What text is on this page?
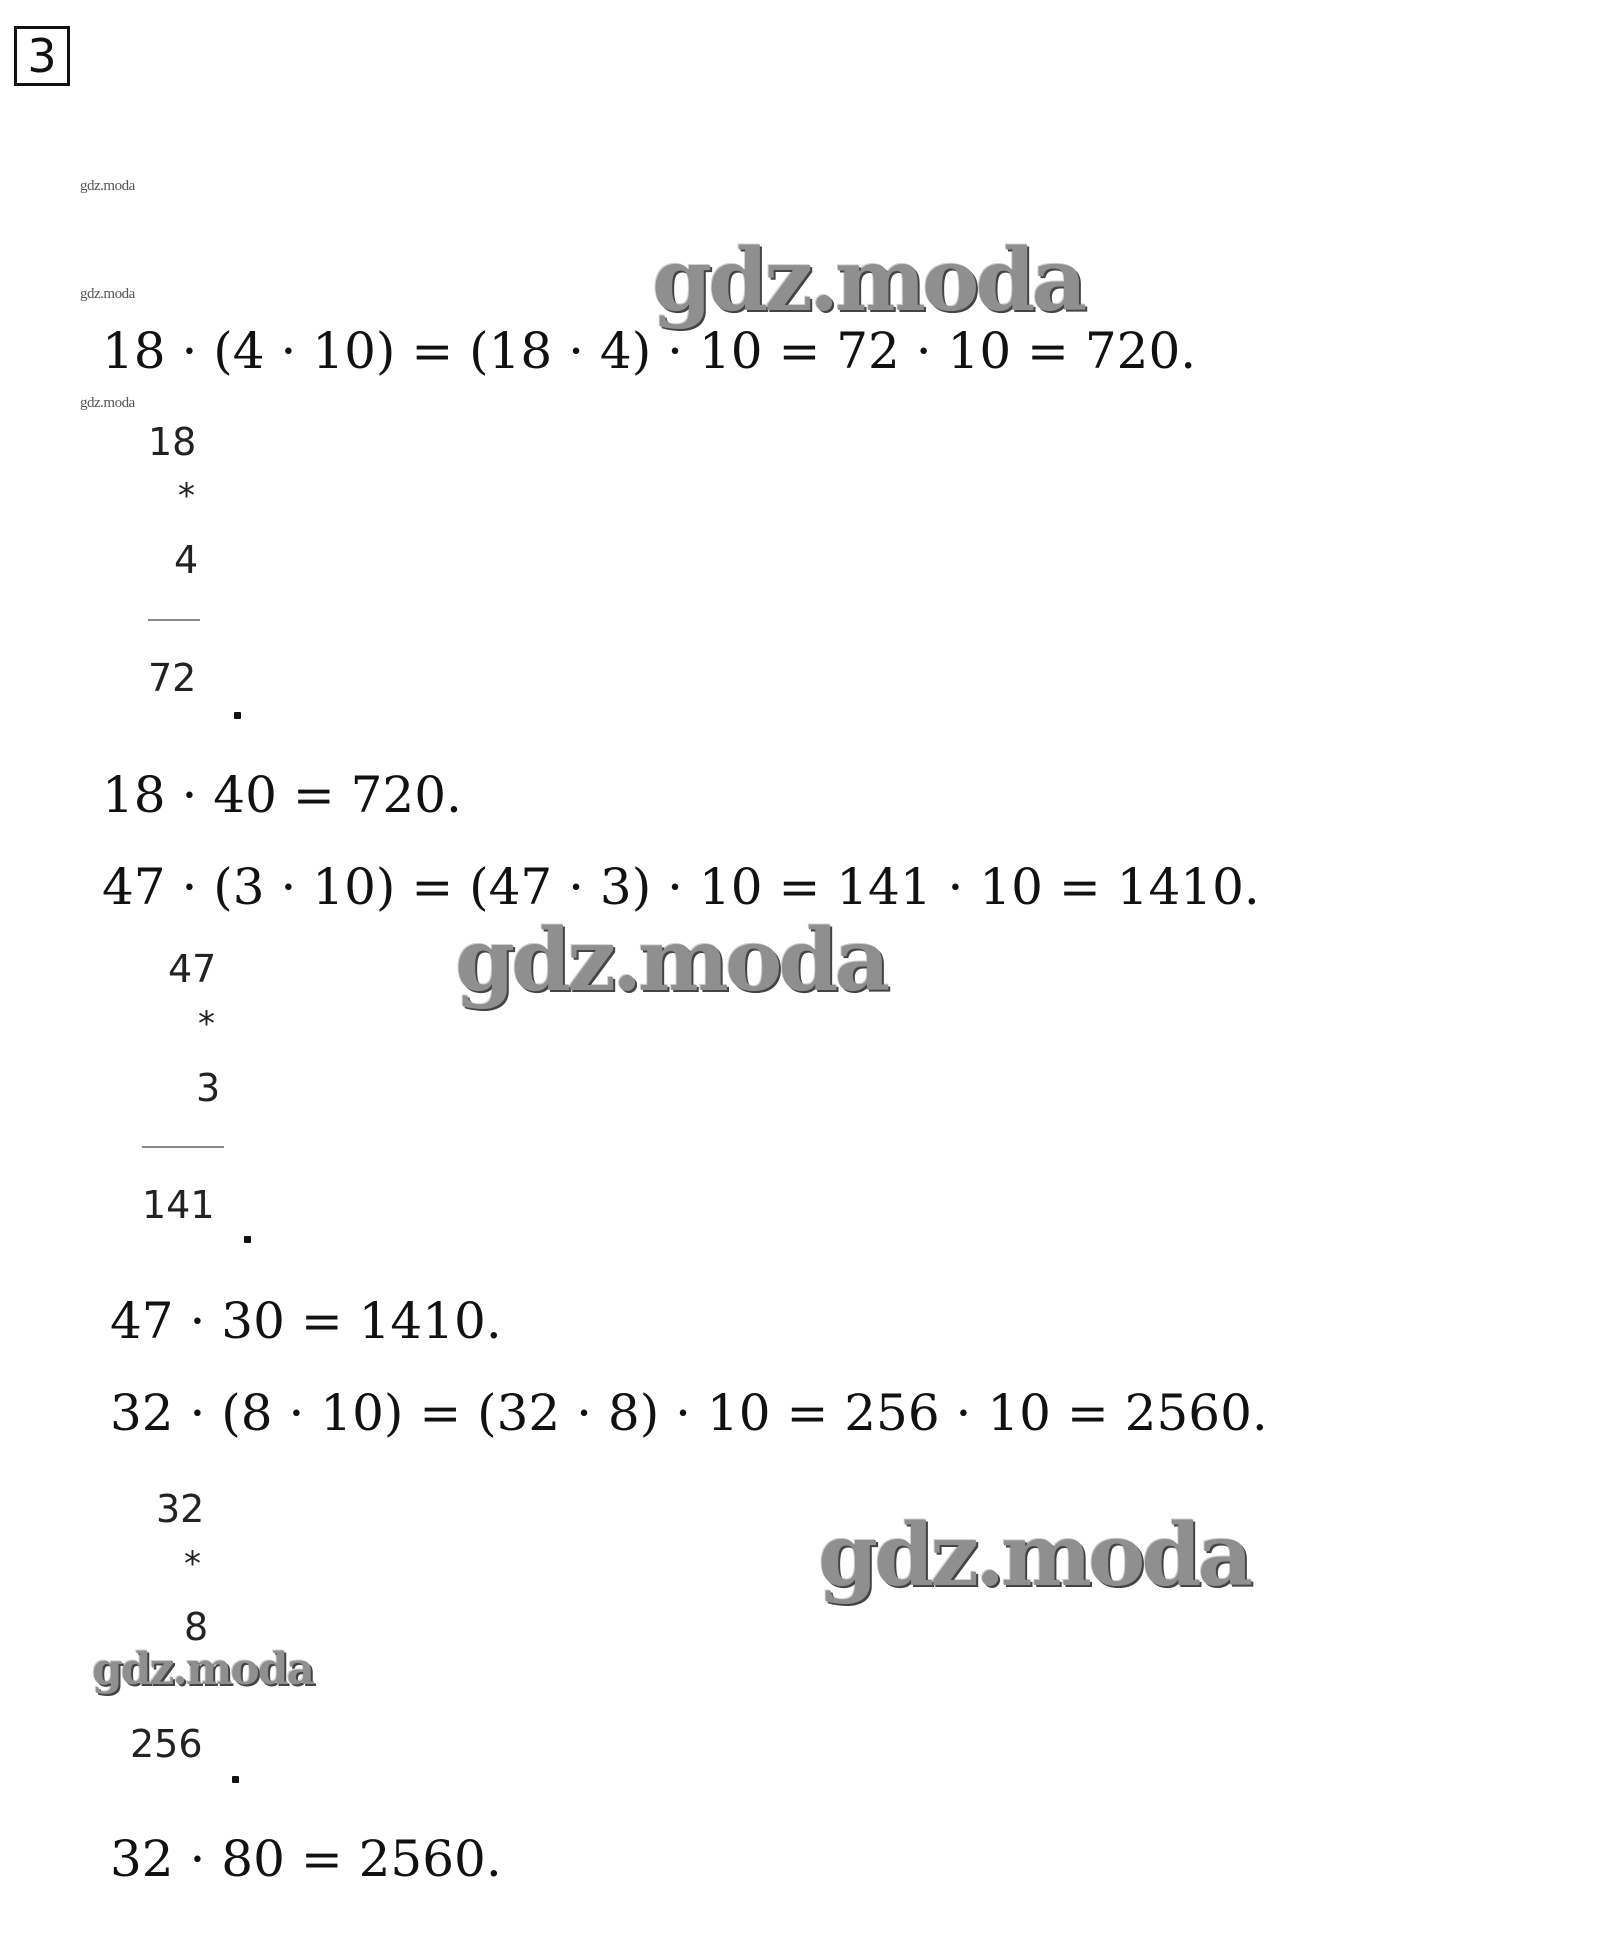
3
gdz.moda
gdz.moda
gdz.moda
gdz.moda
gdz.moda
gdz.moda
gdz.moda
18 · (4 · 10) = (18 · 4) · 10 = 72 · 10 = 720.
18
*
4
72
18 · 40 = 720.
47 · (3 · 10) = (47 · 3) · 10 = 141 · 10 = 1410.
47
*
3
141
47 · 30 = 1410.
32 · (8 · 10) = (32 · 8) · 10 = 256 · 10 = 2560.
32
*
8
256
32 · 80 = 2560.
